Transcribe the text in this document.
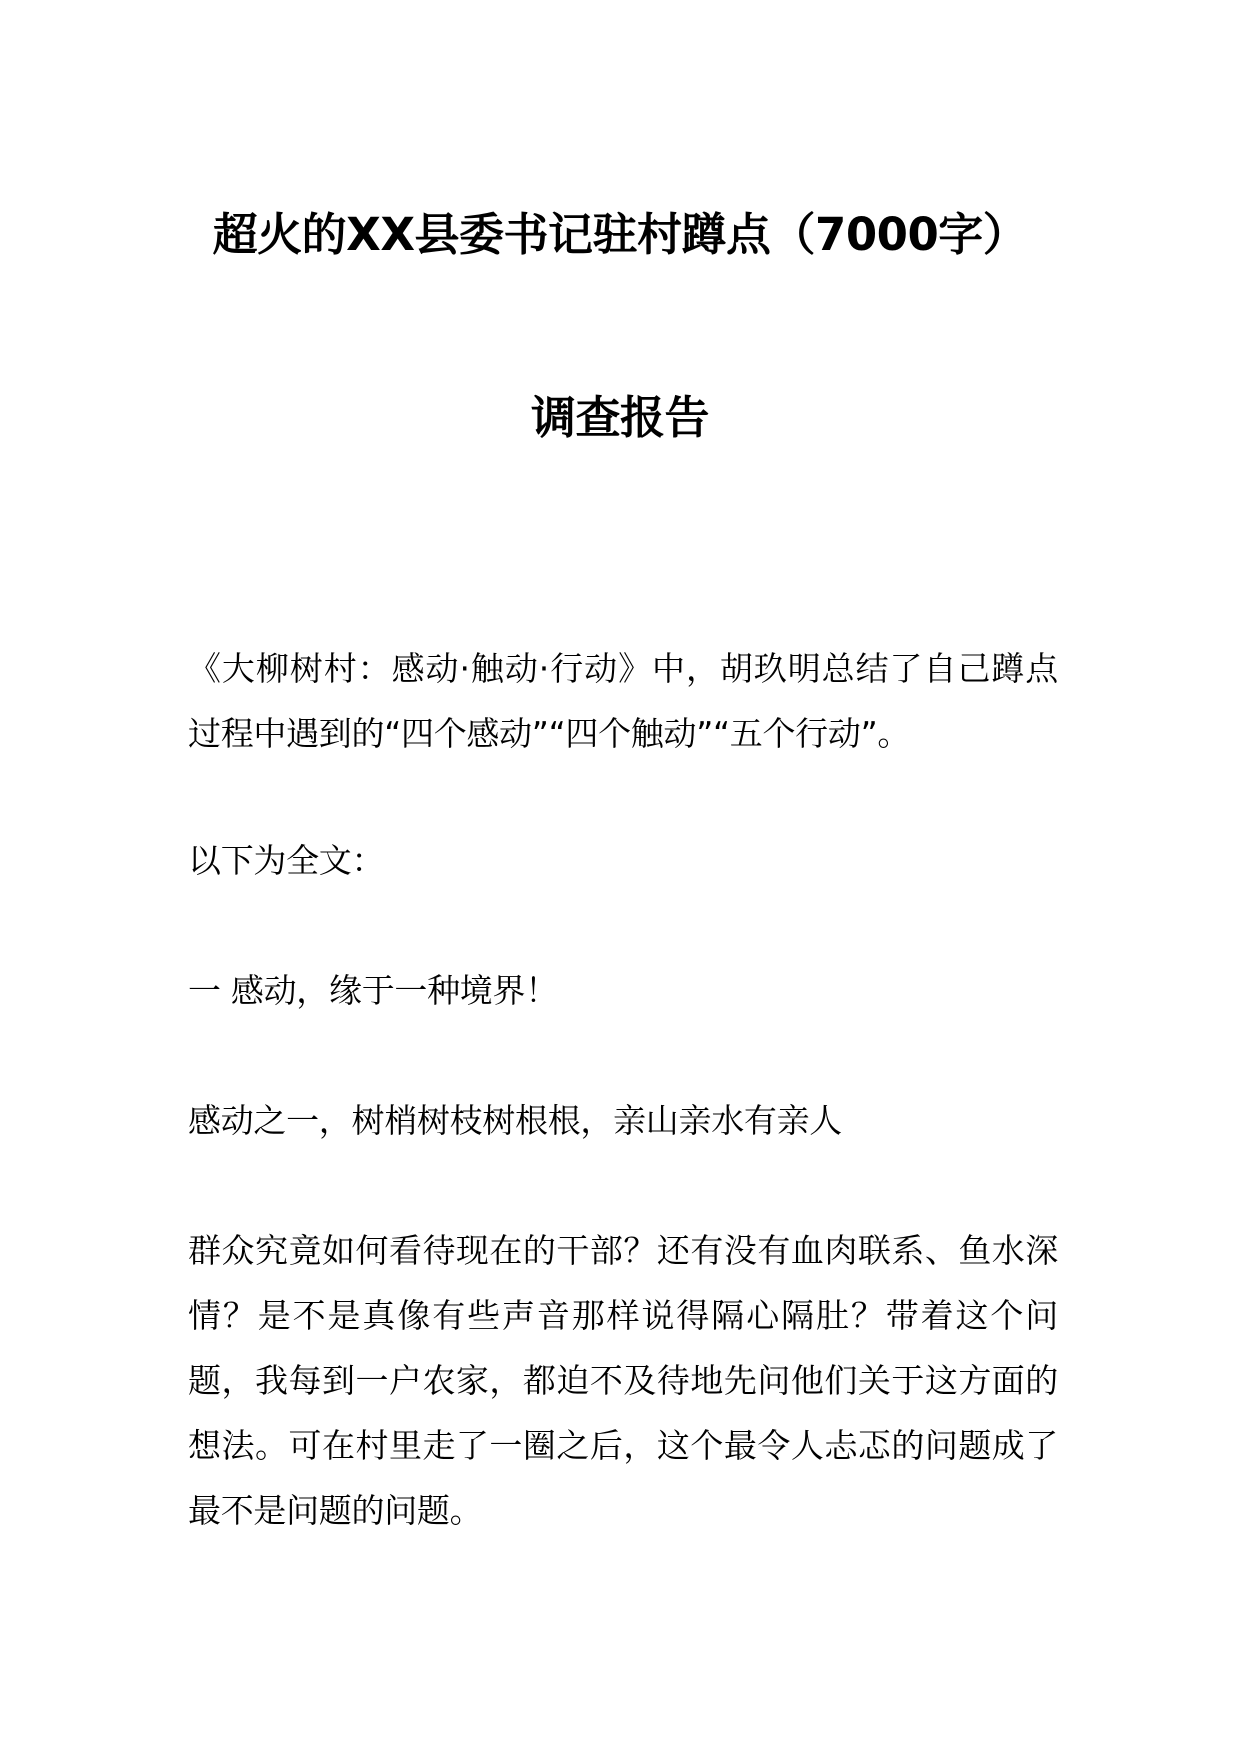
超火的XX县委书记驻村蹲点（7000字）
调查报告

《大柳树村：感动·触动·行动》中，胡玖明总结了自己蹲点过程中遇到的“四个感动”“四个触动”“五个行动”。

以下为全文：

一 感动，缘于一种境界！

感动之一，树梢树枝树根根，亲山亲水有亲人

群众究竟如何看待现在的干部？还有没有血肉联系、鱼水深情？是不是真像有些声音那样说得隔心隔肚？带着这个问题，我每到一户农家，都迫不及待地先问他们关于这方面的想法。可在村里走了一圈之后，这个最令人忐忑的问题成了最不是问题的问题。
